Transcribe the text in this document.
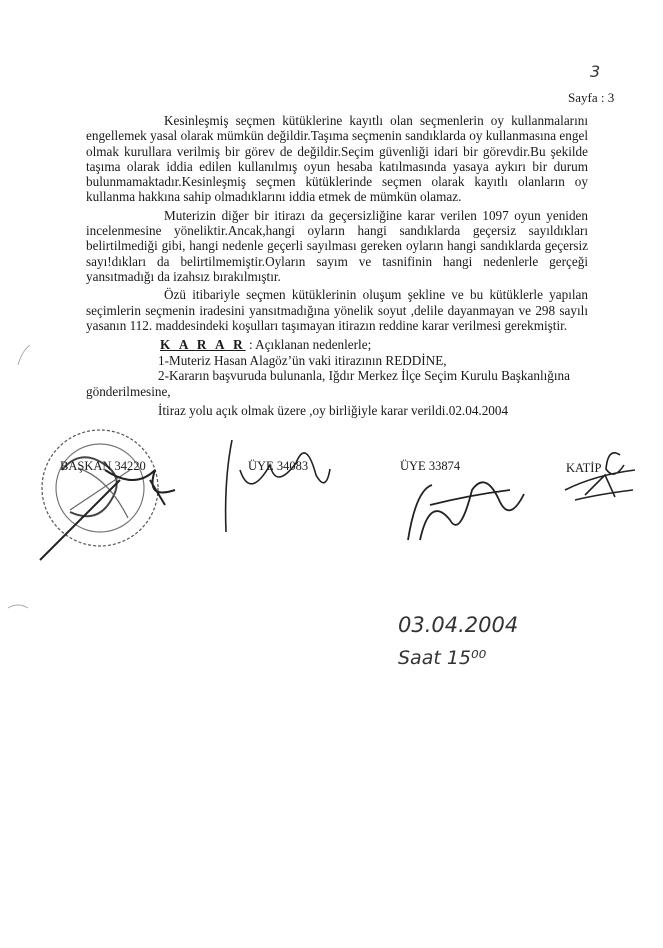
3
Sayfa : 3

Kesinleşmiş seçmen kütüklerine kayıtlı olan seçmenlerin oy kullanmalarını engellemek yasal olarak mümkün değildir.Taşıma seçmenin sandıklarda oy kullanmasına engel olmak kurullara verilmiş bir görev de değildir.Seçim güvenliği idari bir görevdir.Bu şekilde taşıma olarak iddia edilen kullanılmış oyun hesaba katılmasında yasaya aykırı bir durum bulunmamaktadır.Kesinleşmiş seçmen kütüklerinde seçmen olarak kayıtlı olanların oy kullanma hakkına sahip olmadıklarını iddia etmek de mümkün olamaz.

Muterizin diğer bir itirazı da geçersizliğine karar verilen 1097 oyun yeniden incelenmesine yöneliktir.Ancak,hangi oyların hangi sandıklarda geçersiz sayıldıkları belirtilmediği gibi, hangi nedenle geçerli sayılması gereken oyların hangi sandıklarda geçersiz sayı!dıkları da belirtilmemiştir.Oyların sayım ve tasnifinin hangi nedenlerle gerçeği yansıtmadığı da izahsız bırakılmıştır.

Özü itibariyle seçmen kütüklerinin oluşum şekline ve bu kütüklerle yapılan seçimlerin seçmenin iradesini yansıtmadığına yönelik soyut ,delile dayanmayan ve 298 sayılı yasanın 112. maddesindeki koşulları taşımayan itirazın reddine karar verilmesi gerekmiştir.

K A R A R : Açıklanan nedenlerle;
1-Muteriz Hasan Alagöz’ün vaki itirazının REDDİNE,
2-Kararın başvuruda bulunanla, Iğdır Merkez İlçe Seçim Kurulu Başkanlığına
gönderilmesine,
İtiraz yolu açık olmak üzere ,oy birliğiyle karar verildi.02.04.2004
BAŞKAN 34220	ÜYE 34083	ÜYE 33874	KATİP
03.04.2004
Saat 15⁰⁰
